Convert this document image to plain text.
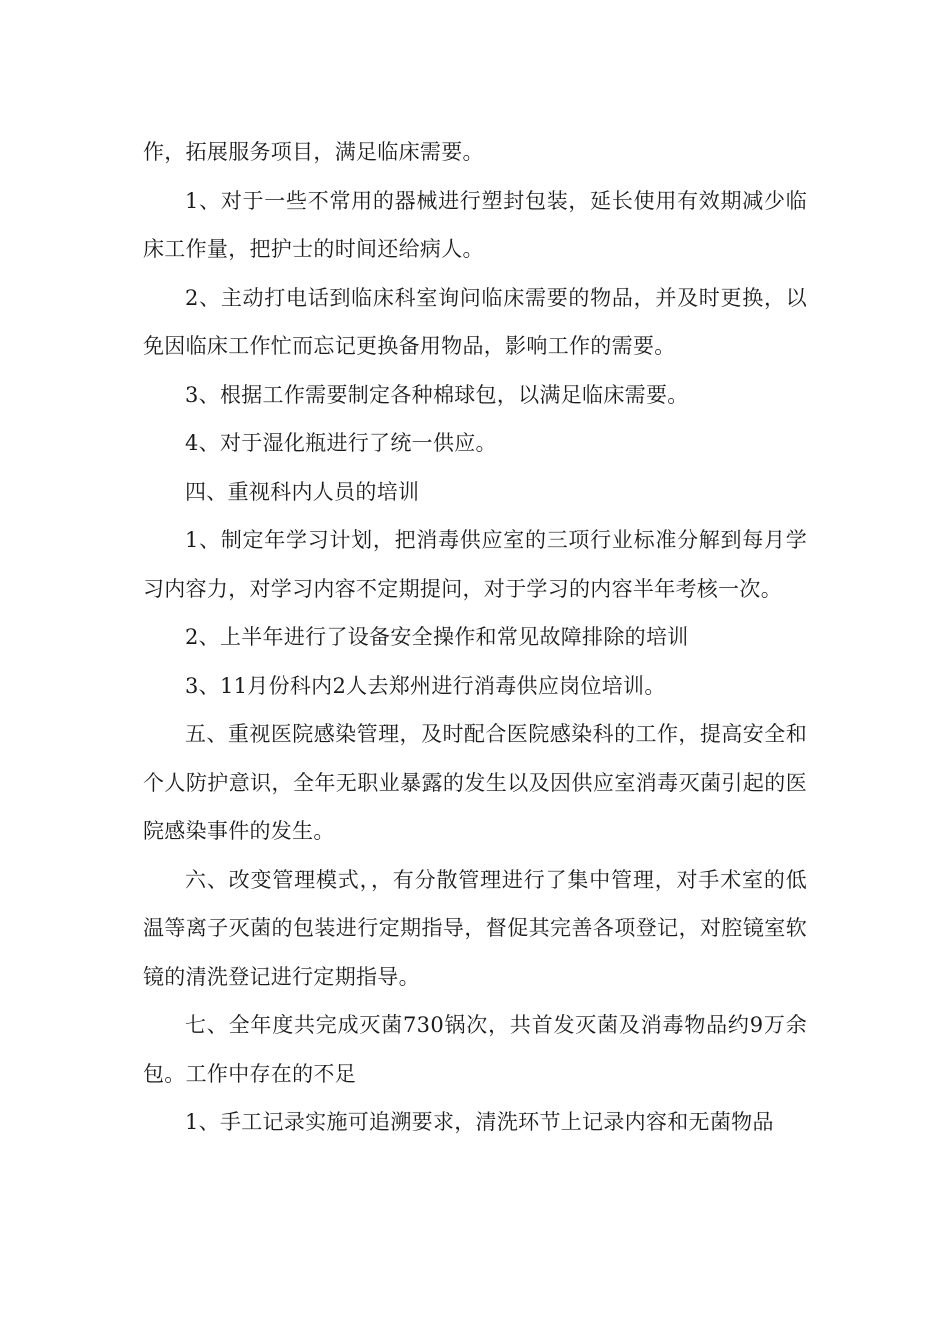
作，拓展服务项目，满足临床需要。

1、对于一些不常用的器械进行塑封包装，延长使用有效期减少临床工作量，把护士的时间还给病人。

2、主动打电话到临床科室询问临床需要的物品，并及时更换，以免因临床工作忙而忘记更换备用物品，影响工作的需要。

3、根据工作需要制定各种棉球包，以满足临床需要。

4、对于湿化瓶进行了统一供应。

四、重视科内人员的培训

1、制定年学习计划，把消毒供应室的三项行业标准分解到每月学习内容力，对学习内容不定期提问，对于学习的内容半年考核一次。

2、上半年进行了设备安全操作和常见故障排除的培训

3、11月份科内2人去郑州进行消毒供应岗位培训。

五、重视医院感染管理，及时配合医院感染科的工作，提高安全和个人防护意识，全年无职业暴露的发生以及因供应室消毒灭菌引起的医院感染事件的发生。

六、改变管理模式，，有分散管理进行了集中管理，对手术室的低温等离子灭菌的包装进行定期指导，督促其完善各项登记，对腔镜室软镜的清洗登记进行定期指导。

七、全年度共完成灭菌730锅次，共首发灭菌及消毒物品约9万余包。工作中存在的不足

1、手工记录实施可追溯要求，清洗环节上记录内容和无菌物品
